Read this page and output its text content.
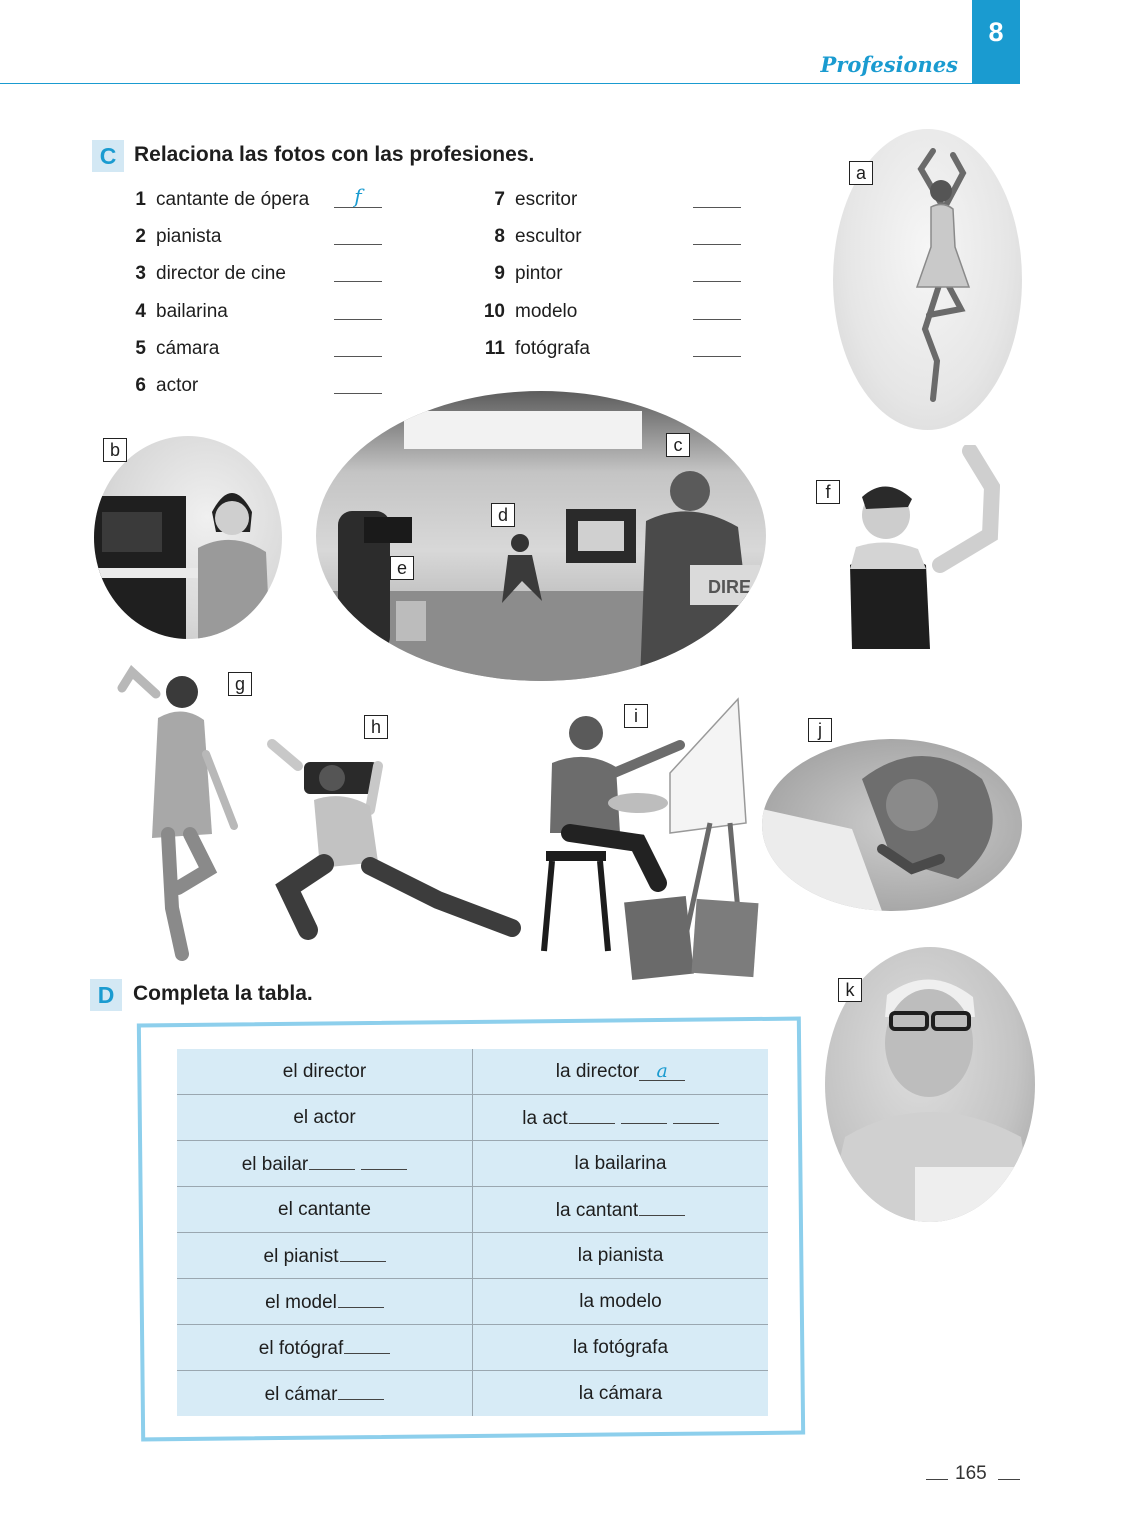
Profesiones
8
C Relaciona las fotos con las profesiones.
1 cantante de ópera	f
2 pianista
3 director de cine
4 bailarina
5 cámara
6 actor
7 escritor
8 escultor
9 pintor
10 modelo
11 fotógrafa
a
b
DIRE
c
d
e
f
g
h
i
j
k
D Completa la tabla.
el director	la director a
el actor	la act
el bailar	la bailarina
el cantante	la cantant
el pianist	la pianista
el model	la modelo
el fotógraf	la fotógrafa
el cámar	la cámara
165
